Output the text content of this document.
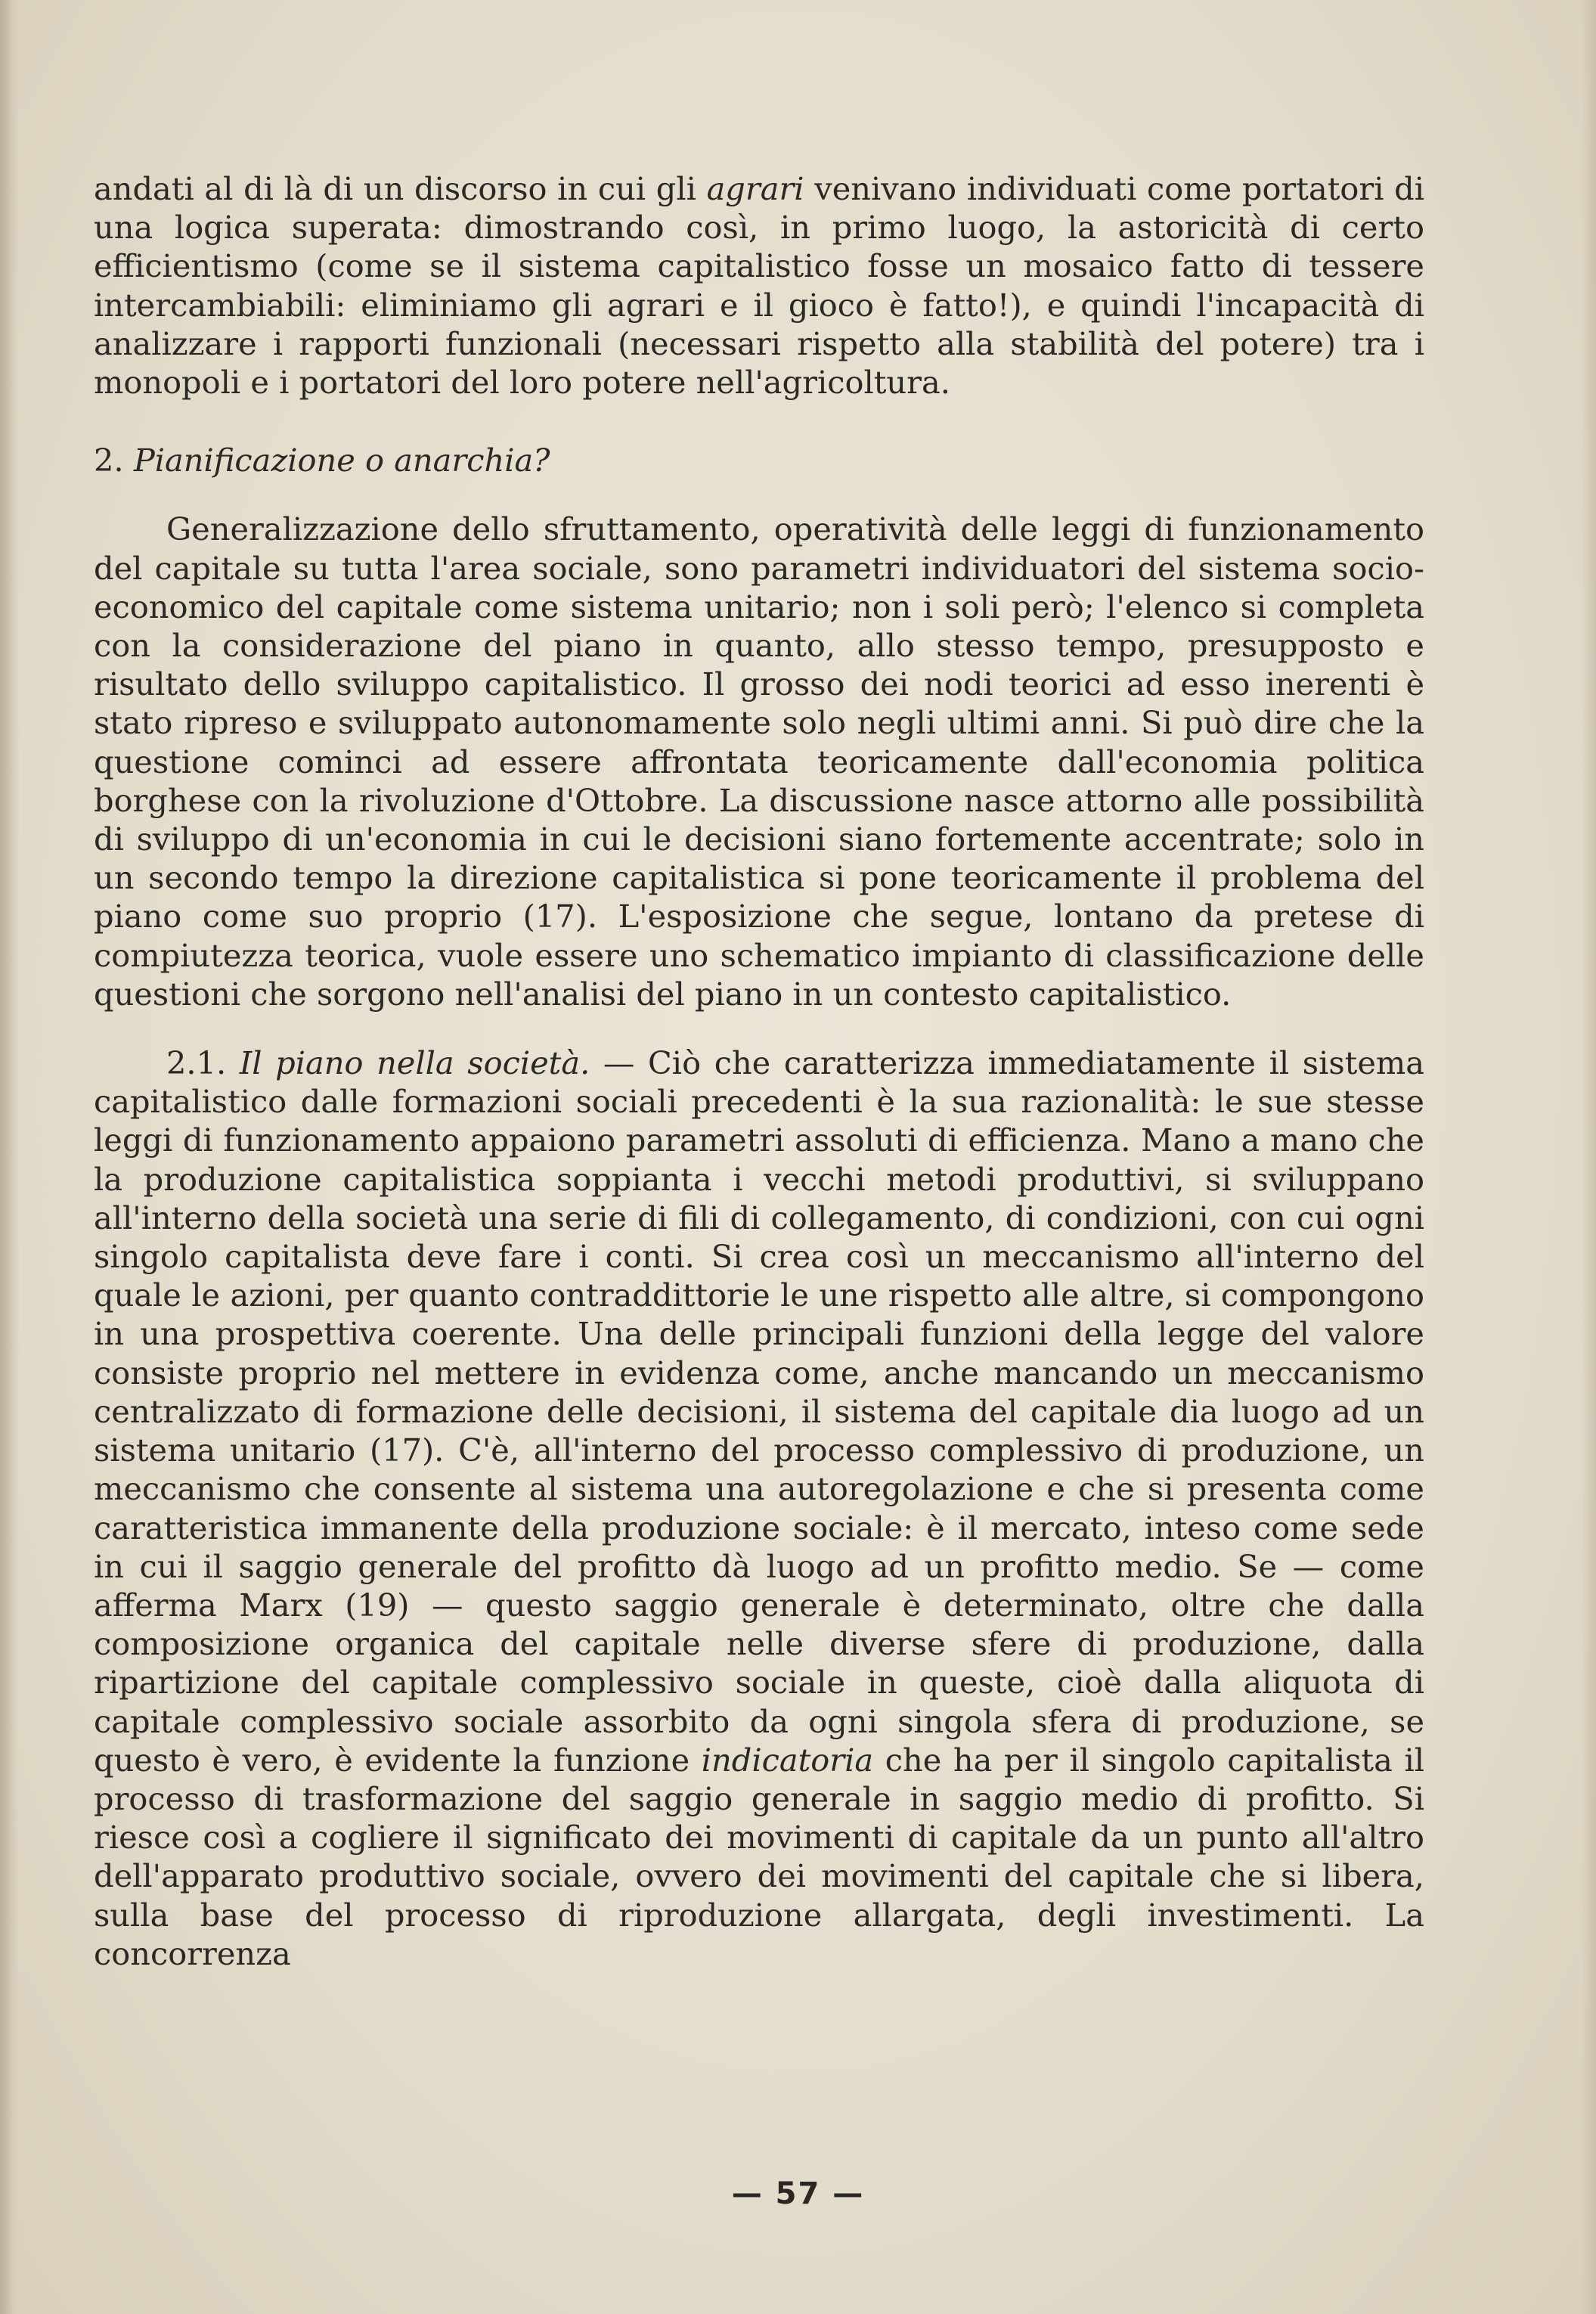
andati al di là di un discorso in cui gli agrari venivano individuati come portatori di una logica superata: dimostrando così, in primo luogo, la astoricità di certo efficientismo (come se il sistema capitalistico fosse un mosaico fatto di tessere intercambiabili: eliminiamo gli agrari e il gioco è fatto!), e quindi l'incapacità di analizzare i rapporti funzionali (necessari rispetto alla stabilità del potere) tra i monopoli e i portatori del loro potere nell'agricoltura.

2. Pianificazione o anarchia?

Generalizzazione dello sfruttamento, operatività delle leggi di funzionamento del capitale su tutta l'area sociale, sono parametri individuatori del sistema socio-economico del capitale come sistema unitario; non i soli però; l'elenco si completa con la considerazione del piano in quanto, allo stesso tempo, presupposto e risultato dello sviluppo capitalistico. Il grosso dei nodi teorici ad esso inerenti è stato ripreso e sviluppato autonomamente solo negli ultimi anni. Si può dire che la questione cominci ad essere affrontata teoricamente dall'economia politica borghese con la rivoluzione d'Ottobre. La discussione nasce attorno alle possibilità di sviluppo di un'economia in cui le decisioni siano fortemente accentrate; solo in un secondo tempo la direzione capitalistica si pone teoricamente il problema del piano come suo proprio (17). L'esposizione che segue, lontano da pretese di compiutezza teorica, vuole essere uno schematico impianto di classificazione delle questioni che sorgono nell'analisi del piano in un contesto capitalistico.

2.1. Il piano nella società. — Ciò che caratterizza immediatamente il sistema capitalistico dalle formazioni sociali precedenti è la sua razionalità: le sue stesse leggi di funzionamento appaiono parametri assoluti di efficienza. Mano a mano che la produzione capitalistica soppianta i vecchi metodi produttivi, si sviluppano all'interno della società una serie di fili di collegamento, di condizioni, con cui ogni singolo capitalista deve fare i conti. Si crea così un meccanismo all'interno del quale le azioni, per quanto contraddittorie le une rispetto alle altre, si compongono in una prospettiva coerente. Una delle principali funzioni della legge del valore consiste proprio nel mettere in evidenza come, anche mancando un meccanismo centralizzato di formazione delle decisioni, il sistema del capitale dia luogo ad un sistema unitario (17). C'è, all'interno del processo complessivo di produzione, un meccanismo che consente al sistema una autoregolazione e che si presenta come caratteristica immanente della produzione sociale: è il mercato, inteso come sede in cui il saggio generale del profitto dà luogo ad un profitto medio. Se — come afferma Marx (19) — questo saggio generale è determinato, oltre che dalla composizione organica del capitale nelle diverse sfere di produzione, dalla ripartizione del capitale complessivo sociale in queste, cioè dalla aliquota di capitale complessivo sociale assorbito da ogni singola sfera di produzione, se questo è vero, è evidente la funzione indicatoria che ha per il singolo capitalista il processo di trasformazione del saggio generale in saggio medio di profitto. Si riesce così a cogliere il significato dei movimenti di capitale da un punto all'altro dell'apparato produttivo sociale, ovvero dei movimenti del capitale che si libera, sulla base del processo di riproduzione allargata, degli investimenti. La concorrenza

— 57 —
